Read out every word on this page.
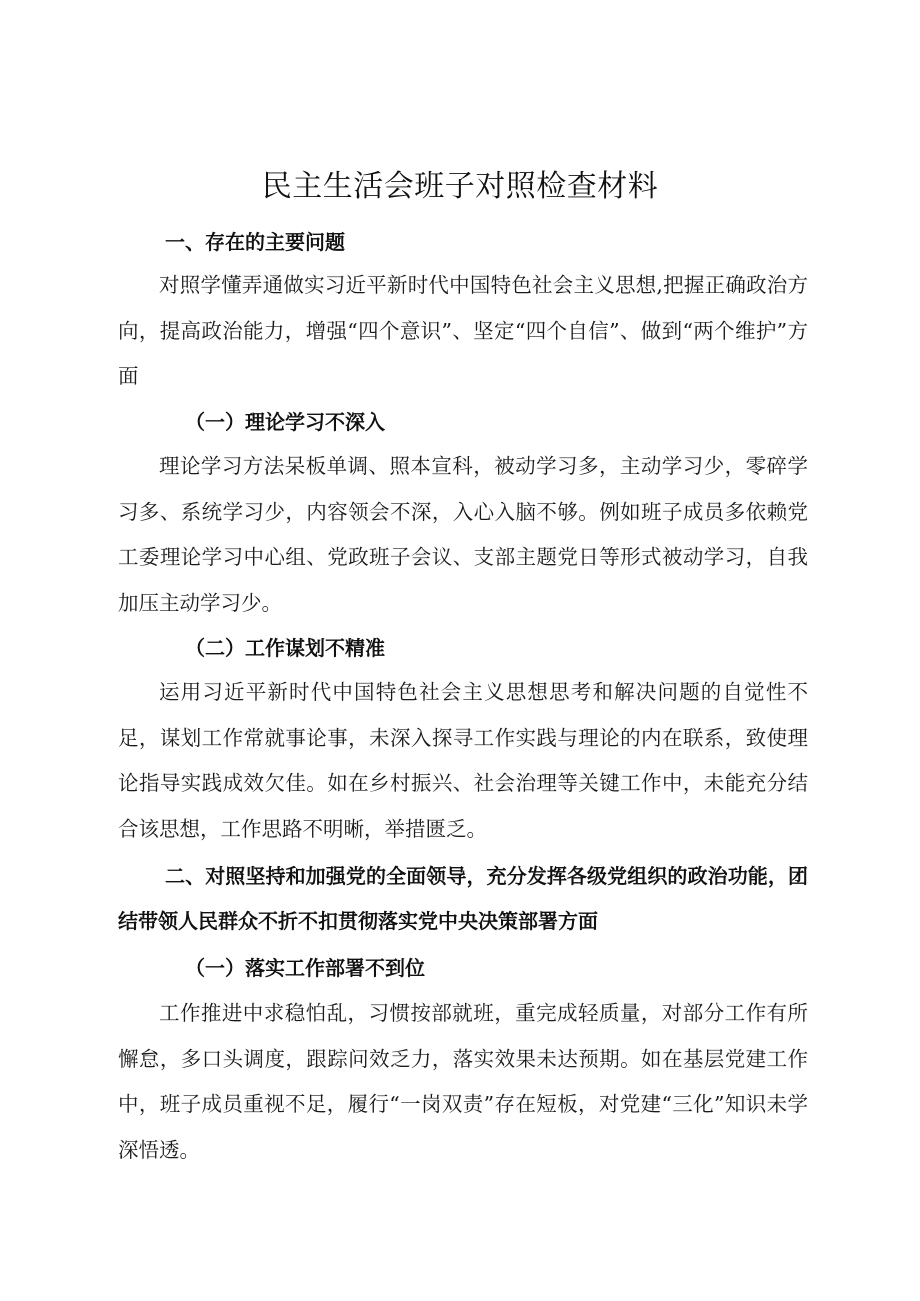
民主生活会班子对照检查材料
一、存在的主要问题
对照学懂弄通做实习近平新时代中国特色社会主义思想,把握正确政治方向，提高政治能力，增强“四个意识”、坚定“四个自信”、做到“两个维护”方面
（一）理论学习不深入
理论学习方法呆板单调、照本宣科，被动学习多，主动学习少，零碎学习多、系统学习少，内容领会不深，入心入脑不够。例如班子成员多依赖党工委理论学习中心组、党政班子会议、支部主题党日等形式被动学习，自我加压主动学习少。
（二）工作谋划不精准
运用习近平新时代中国特色社会主义思想思考和解决问题的自觉性不足，谋划工作常就事论事，未深入探寻工作实践与理论的内在联系，致使理论指导实践成效欠佳。如在乡村振兴、社会治理等关键工作中，未能充分结合该思想，工作思路不明晰，举措匮乏。
二、对照坚持和加强党的全面领导，充分发挥各级党组织的政治功能，团结带领人民群众不折不扣贯彻落实党中央决策部署方面
（一）落实工作部署不到位
工作推进中求稳怕乱，习惯按部就班，重完成轻质量，对部分工作有所懈怠，多口头调度，跟踪问效乏力，落实效果未达预期。如在基层党建工作中，班子成员重视不足，履行“一岗双责”存在短板，对党建“三化”知识未学深悟透。
